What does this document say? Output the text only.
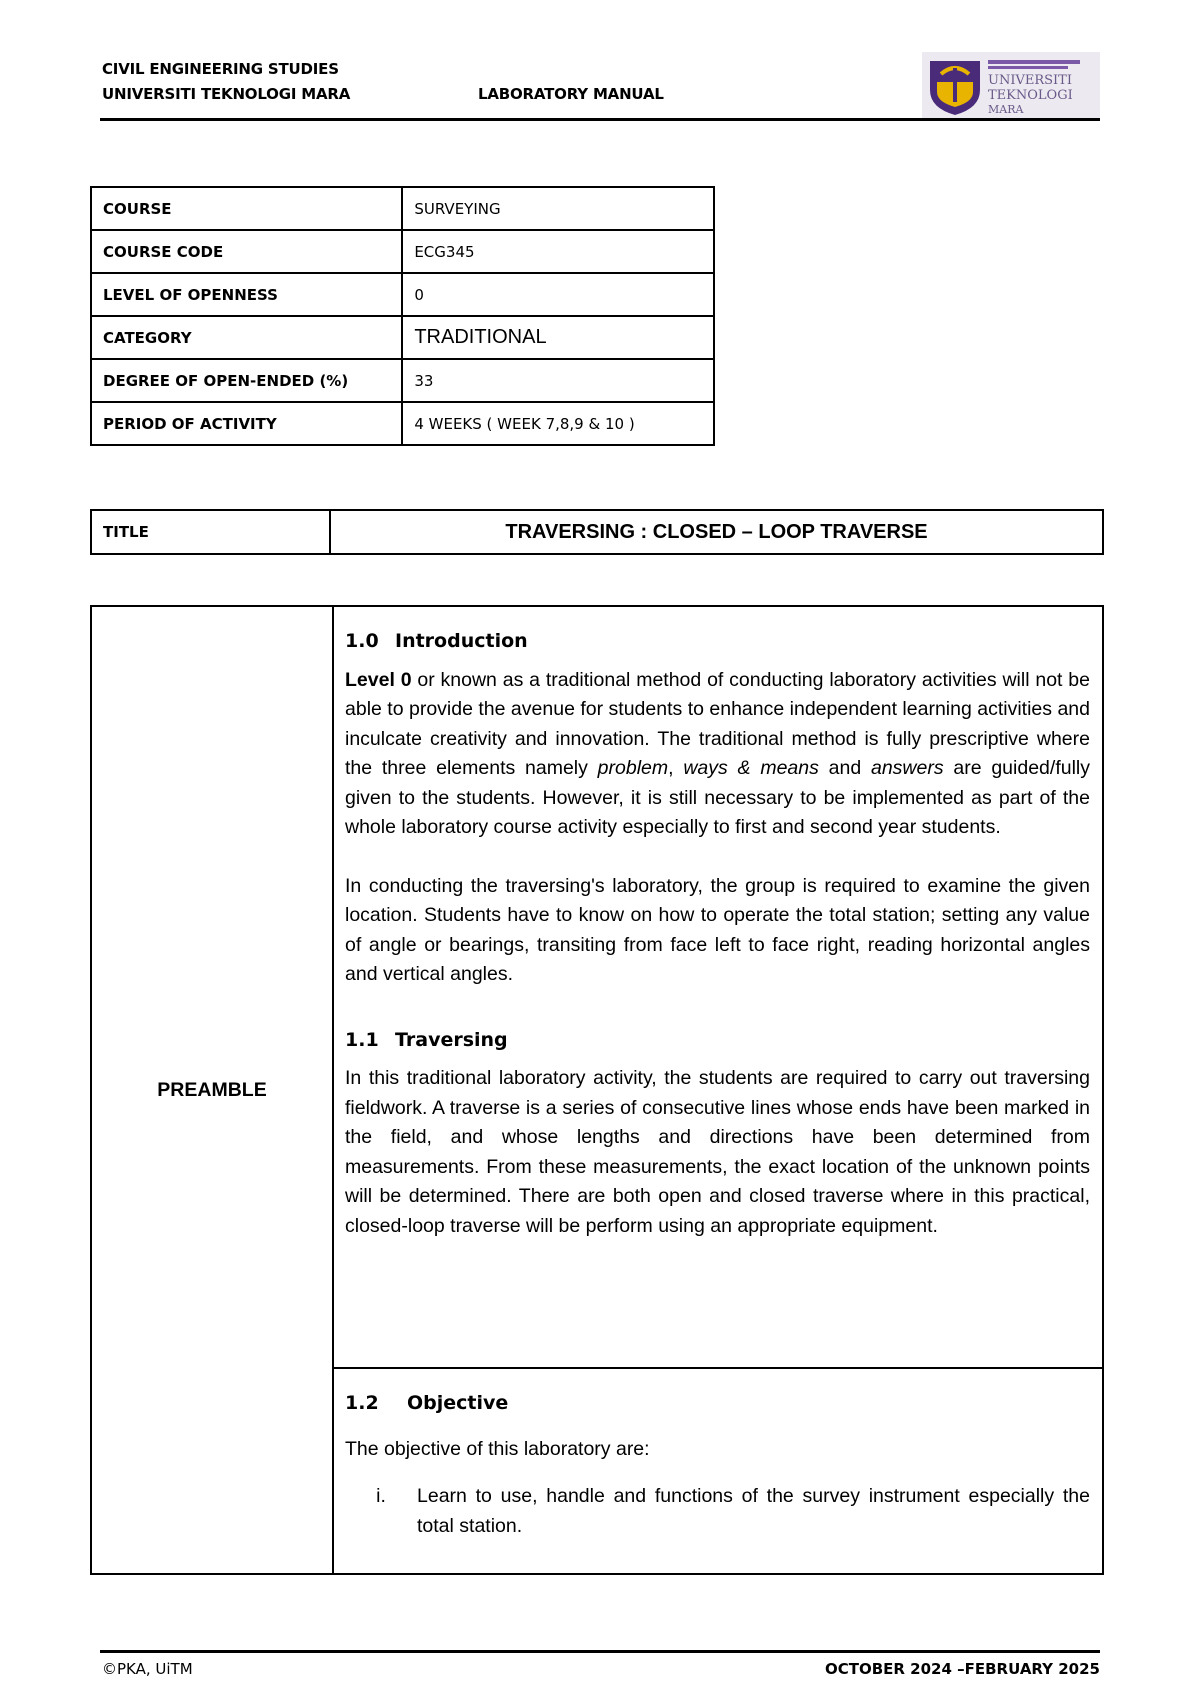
CIVIL ENGINEERING STUDIES
UNIVERSITI TEKNOLOGI MARA	LABORATORY MANUAL
UNIVERSITI
TEKNOLOGI
MARA
COURSE	SURVEYING
COURSE CODE	ECG345
LEVEL OF OPENNESS	0
CATEGORY	TRADITIONAL
DEGREE OF OPEN-ENDED (%)	33
PERIOD OF ACTIVITY	4 WEEKS ( WEEK 7,8,9 & 10 )
TITLE	TRAVERSING : CLOSED – LOOP TRAVERSE
PREAMBLE	
1.0 Introduction

Level 0 or known as a traditional method of conducting laboratory activities will not be able to provide the avenue for students to enhance independent learning activities and inculcate creativity and innovation. The traditional method is fully prescriptive where the three elements namely problem, ways & means and answers are guided/fully given to the students. However, it is still necessary to be implemented as part of the whole laboratory course activity especially to first and second year students.

In conducting the traversing's laboratory, the group is required to examine the given location. Students have to know on how to operate the total station; setting any value of angle or bearings, transiting from face left to face right, reading horizontal angles and vertical angles.

1.1 Traversing

In this traditional laboratory activity, the students are required to carry out traversing fieldwork. A traverse is a series of consecutive lines whose ends have been marked in the field, and whose lengths and directions have been determined from measurements. From these measurements, the exact location of the unknown points will be determined. There are both open and closed traverse where in this practical, closed-loop traverse will be perform using an appropriate equipment.

1.2 Objective

The objective of this laboratory are:

i.	Learn to use, handle and functions of the survey instrument especially the total station.
©PKA, UiTM	OCTOBER 2024 –FEBRUARY 2025
